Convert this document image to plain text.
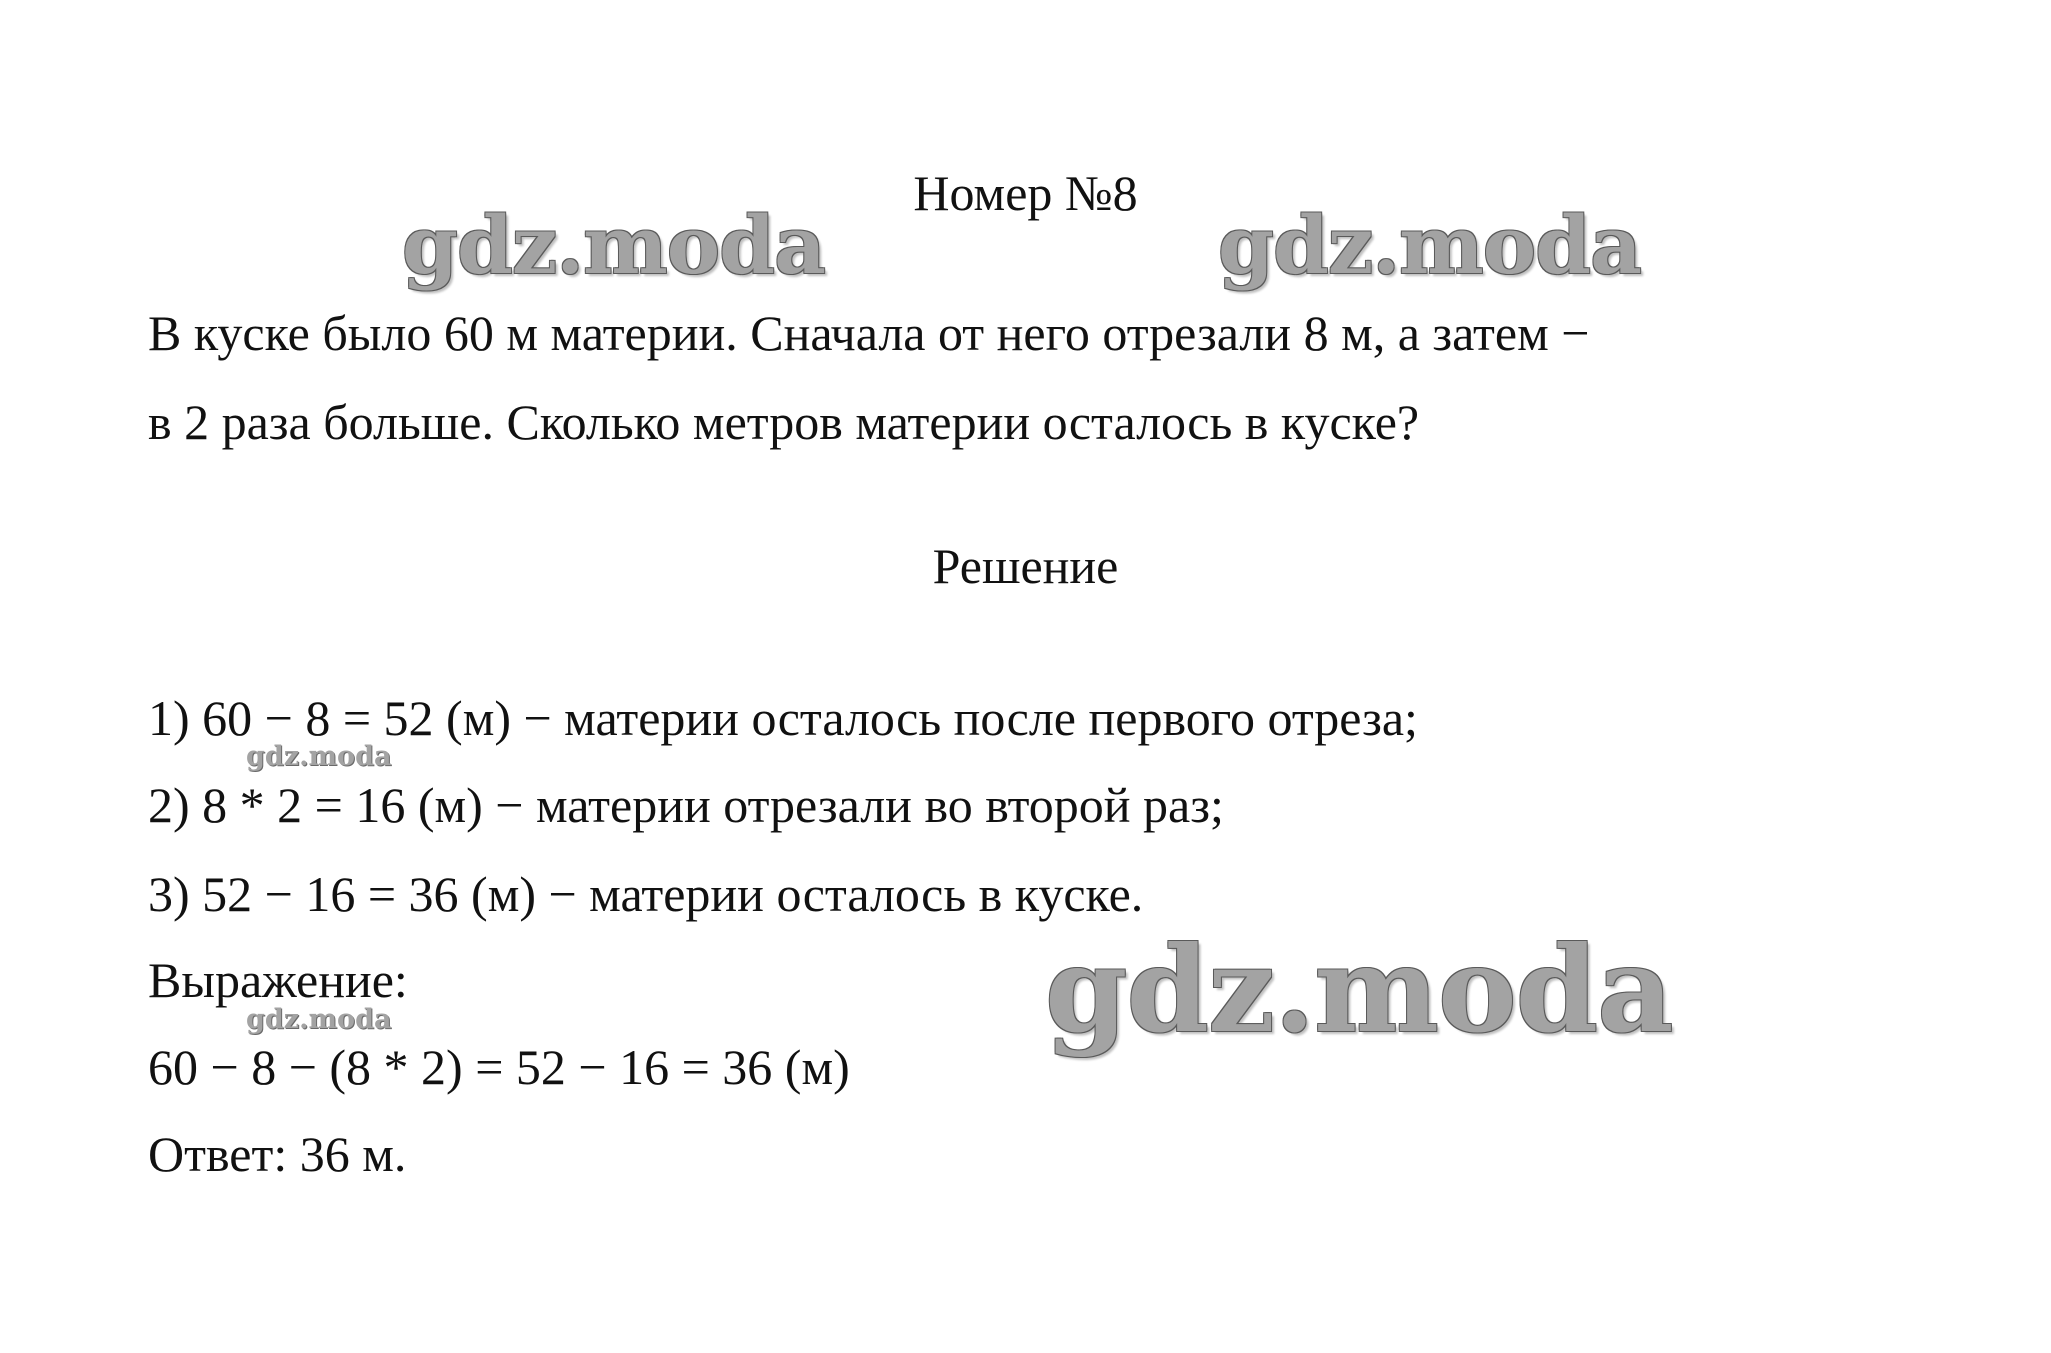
gdz.moda	gdz.moda
gdz.moda
gdz.moda
gdz.moda
Номер №8

В куске было 60 м материи. Сначала от него отрезали 8 м, а затем −

в 2 раза больше. Сколько метров материи осталось в куске?

Решение

1) 60 − 8 = 52 (м) − материи осталось после первого отреза;

2) 8 * 2 = 16 (м) − материи отрезали во второй раз;

3) 52 − 16 = 36 (м) − материи осталось в куске.

Выражение:

60 − 8 − (8 * 2) = 52 − 16 = 36 (м)

Ответ: 36 м.
